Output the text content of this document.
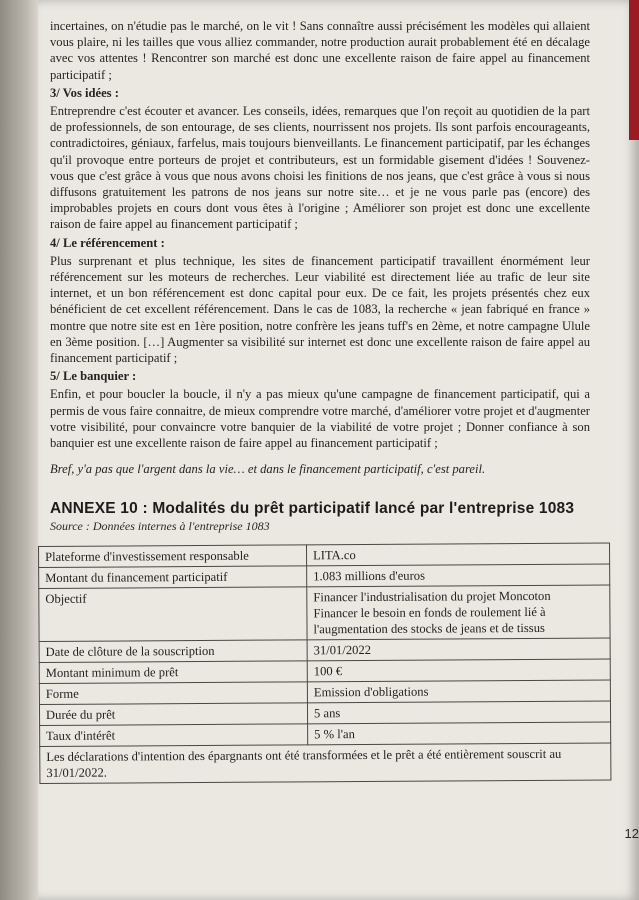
incertaines, on n'étudie pas le marché, on le vit ! Sans connaître aussi précisément les modèles qui allaient vous plaire, ni les tailles que vous alliez commander, notre production aurait probablement été en décalage avec vos attentes ! Rencontrer son marché est donc une excellente raison de faire appel au financement participatif ;

3/ Vos idées :

Entreprendre c'est écouter et avancer. Les conseils, idées, remarques que l'on reçoit au quotidien de la part de professionnels, de son entourage, de ses clients, nourrissent nos projets. Ils sont parfois encourageants, contradictoires, géniaux, farfelus, mais toujours bienveillants. Le financement participatif, par les échanges qu'il provoque entre porteurs de projet et contributeurs, est un formidable gisement d'idées ! Souvenez-vous que c'est grâce à vous que nous avons choisi les finitions de nos jeans, que c'est grâce à vous si nous diffusons gratuitement les patrons de nos jeans sur notre site… et je ne vous parle pas (encore) des improbables projets en cours dont vous êtes à l'origine ; Améliorer son projet est donc une excellente raison de faire appel au financement participatif ;

4/ Le référencement :

Plus surprenant et plus technique, les sites de financement participatif travaillent énormément leur référencement sur les moteurs de recherches. Leur viabilité est directement liée au trafic de leur site internet, et un bon référencement est donc capital pour eux. De ce fait, les projets présentés chez eux bénéficient de cet excellent référencement. Dans le cas de 1083, la recherche « jean fabriqué en france » montre que notre site est en 1ère position, notre confrère les jeans tuff's en 2ème, et notre campagne Ulule en 3ème position. […] Augmenter sa visibilité sur internet est donc une excellente raison de faire appel au financement participatif ;

5/ Le banquier :

Enfin, et pour boucler la boucle, il n'y a pas mieux qu'une campagne de financement participatif, qui a permis de vous faire connaitre, de mieux comprendre votre marché, d'améliorer votre projet et d'augmenter votre visibilité, pour convaincre votre banquier de la viabilité de votre projet ; Donner confiance à son banquier est une excellente raison de faire appel au financement participatif ;

Bref, y'a pas que l'argent dans la vie… et dans le financement participatif, c'est pareil.

ANNEXE 10 : Modalités du prêt participatif lancé par l'entreprise 1083
Source : Données internes à l'entreprise 1083
Plateforme d'investissement responsable	LITA.co
Montant du financement participatif	1.083 millions d'euros
Objectif	Financer l'industrialisation du projet Moncoton
Financer le besoin en fonds de roulement lié à l'augmentation des stocks de jeans et de tissus

Date de clôture de la souscription	31/01/2022
Montant minimum de prêt	100 €
Forme	Emission d'obligations
Durée du prêt	5 ans
Taux d'intérêt	5 % l'an
Les déclarations d'intention des épargnants ont été transformées et le prêt a été entièrement souscrit au 31/01/2022.	
12
